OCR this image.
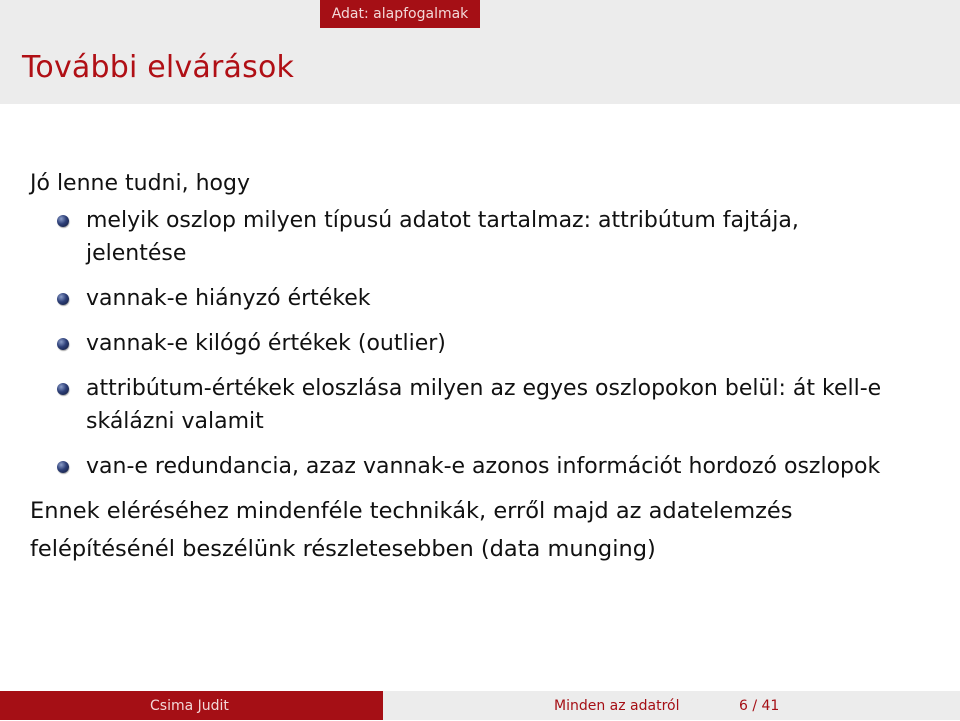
Adat: alapfogalmak
További elvárások
Jó lenne tudni, hogy
melyik oszlop milyen típusú adatot tartalmaz: attribútum fajtája, jelentése
vannak-e hiányzó értékek
vannak-e kilógó értékek (outlier)
attribútum-értékek eloszlása milyen az egyes oszlopokon belül: át kell-e skálázni valamit
van-e redundancia, azaz vannak-e azonos információt hordozó oszlopok
Ennek eléréséhez mindenféle technikák, erről majd az adatelemzés felépítésénél beszélünk részletesebben (data munging)
Csima Judit	Minden az adatról	6 / 41
